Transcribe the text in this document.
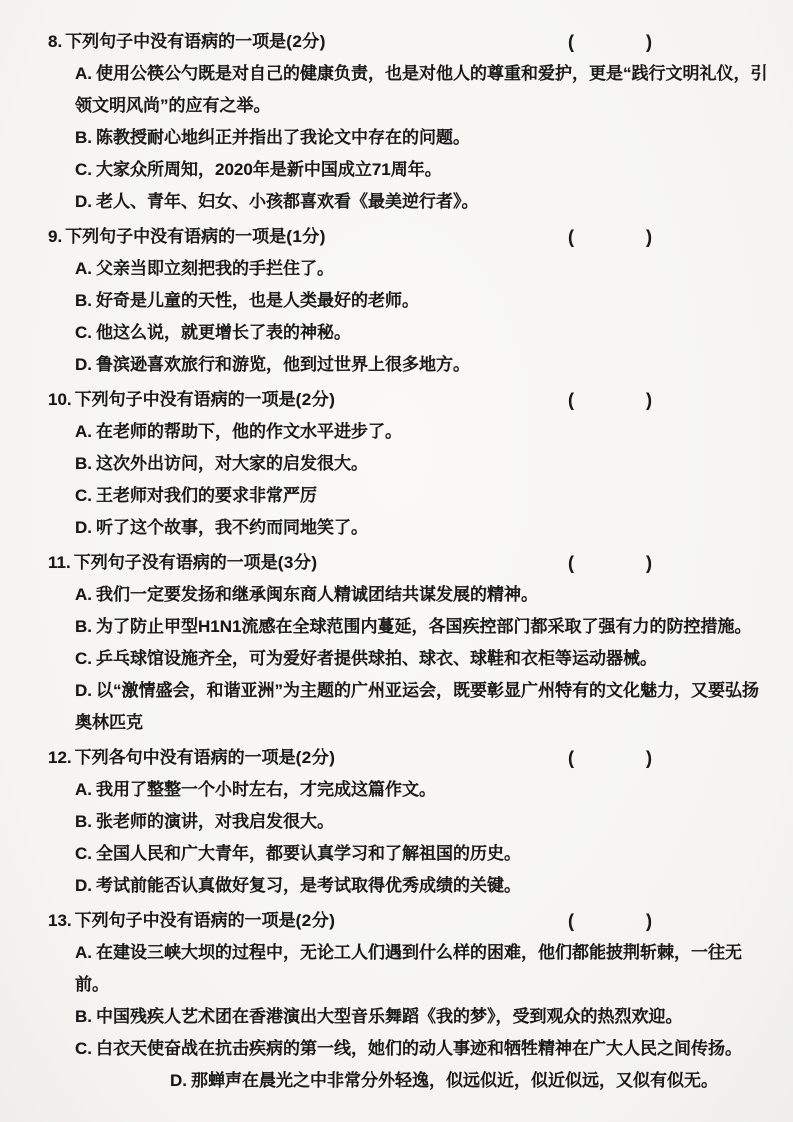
8. 下列句子中没有语病的一项是(2分)	(	)
A. 使用公筷公勺既是对自己的健康负责，也是对他人的尊重和爱护，更是“践行文明礼仪，引领文明风尚”的应有之举。
B. 陈教授耐心地纠正并指出了我论文中存在的问题。
C. 大家众所周知，2020年是新中国成立71周年。
D. 老人、青年、妇女、小孩都喜欢看《最美逆行者》。
9. 下列句子中没有语病的一项是(1分)	(	)
A. 父亲当即立刻把我的手拦住了。
B. 好奇是儿童的天性，也是人类最好的老师。
C. 他这么说，就更增长了表的神秘。
D. 鲁滨逊喜欢旅行和游览，他到过世界上很多地方。
10. 下列句子中没有语病的一项是(2分)	(	)
A. 在老师的帮助下，他的作文水平进步了。
B. 这次外出访问，对大家的启发很大。
C. 王老师对我们的要求非常严厉
D. 听了这个故事，我不约而同地笑了。
11. 下列句子没有语病的一项是(3分)	(	)
A. 我们一定要发扬和继承闽东商人精诚团结共谋发展的精神。
B. 为了防止甲型H1N1流感在全球范围内蔓延，各国疾控部门都采取了强有力的防控措施。
C. 乒乓球馆设施齐全，可为爱好者提供球拍、球衣、球鞋和衣柜等运动器械。
D. 以“激情盛会，和谐亚洲”为主题的广州亚运会，既要彰显广州特有的文化魅力，又要弘扬奥林匹克
12. 下列各句中没有语病的一项是(2分)	(	)
A. 我用了整整一个小时左右，才完成这篇作文。
B. 张老师的演讲，对我启发很大。
C. 全国人民和广大青年，都要认真学习和了解祖国的历史。
D. 考试前能否认真做好复习，是考试取得优秀成绩的关键。
13. 下列句子中没有语病的一项是(2分)	(	)
A. 在建设三峡大坝的过程中，无论工人们遇到什么样的困难，他们都能披荆斩棘，一往无前。
B. 中国残疾人艺术团在香港演出大型音乐舞蹈《我的梦》，受到观众的热烈欢迎。
C. 白衣天使奋战在抗击疾病的第一线，她们的动人事迹和牺牲精神在广大人民之间传扬。
D. 那蝉声在晨光之中非常分外轻逸，似远似近，似近似远，又似有似无。
